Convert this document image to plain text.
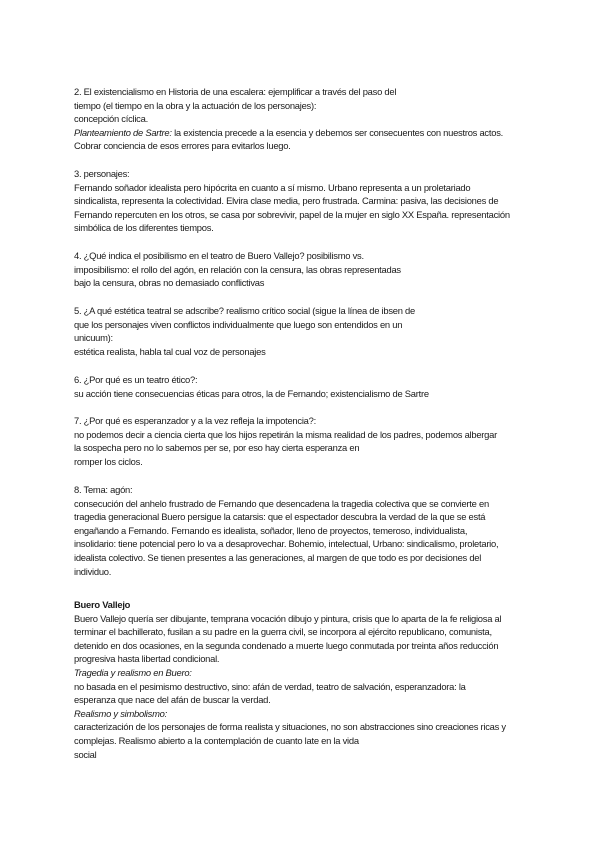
2. El existencialismo en Historia de una escalera: ejemplificar a través del paso del
tiempo (el tiempo en la obra y la actuación de los personajes):
concepción cíclica.
Planteamiento de Sartre: la existencia precede a la esencia y debemos ser consecuentes con nuestros actos.
Cobrar conciencia de esos errores para evitarlos luego.
3. personajes:
Fernando soñador idealista pero hipócrita en cuanto a sí mismo. Urbano representa a un proletariado
sindicalista, representa la colectividad. Elvira clase media, pero frustrada. Carmina: pasiva, las decisiones de
Fernando repercuten en los otros, se casa por sobrevivir, papel de la mujer en siglo XX España. representación
simbólica de los diferentes tiempos.
4. ¿Qué indica el posibilismo en el teatro de Buero Vallejo? posibilismo vs.
imposibilismo: el rollo del agón, en relación con la censura, las obras representadas
bajo la censura, obras no demasiado conflictivas
5. ¿A qué estética teatral se adscribe? realismo crítico social (sigue la línea de ibsen de
que los personajes viven conflictos individualmente que luego son entendidos en un
unicuum):
estética realista, habla tal cual voz de personajes
6. ¿Por qué es un teatro ético?:
su acción tiene consecuencias éticas para otros, la de Fernando; existencialismo de Sartre
7. ¿Por qué es esperanzador y a la vez refleja la impotencia?:
no podemos decir a ciencia cierta que los hijos repetirán la misma realidad de los padres, podemos albergar
la sospecha pero no lo sabemos per se, por eso hay cierta esperanza en
romper los ciclos.
8. Tema: agón:
consecución del anhelo frustrado de Fernando que desencadena la tragedia colectiva que se convierte en
tragedia generacional Buero persigue la catarsis: que el espectador descubra la verdad de la que se está
engañando a Fernando. Fernando es idealista, soñador, lleno de proyectos, temeroso, individualista,
insolidario: tiene potencial pero lo va a desaprovechar. Bohemio, intelectual, Urbano: sindicalismo, proletario,
idealista colectivo. Se tienen presentes a las generaciones, al margen de que todo es por decisiones del
individuo.
Buero Vallejo
Buero Vallejo quería ser dibujante, temprana vocación dibujo y pintura, crisis que lo aparta de la fe religiosa al
terminar el bachillerato, fusilan a su padre en la guerra civil, se incorpora al ejército republicano, comunista,
detenido en dos ocasiones, en la segunda condenado a muerte luego conmutada por treinta años reducción
progresiva hasta libertad condicional.
Tragedia y realismo en Buero:
no basada en el pesimismo destructivo, sino: afán de verdad, teatro de salvación, esperanzadora: la
esperanza que nace del afán de buscar la verdad.
Realismo y simbolismo:
caracterización de los personajes de forma realista y situaciones, no son abstracciones sino creaciones ricas y
complejas. Realismo abierto a la contemplación de cuanto late en la vida
social
